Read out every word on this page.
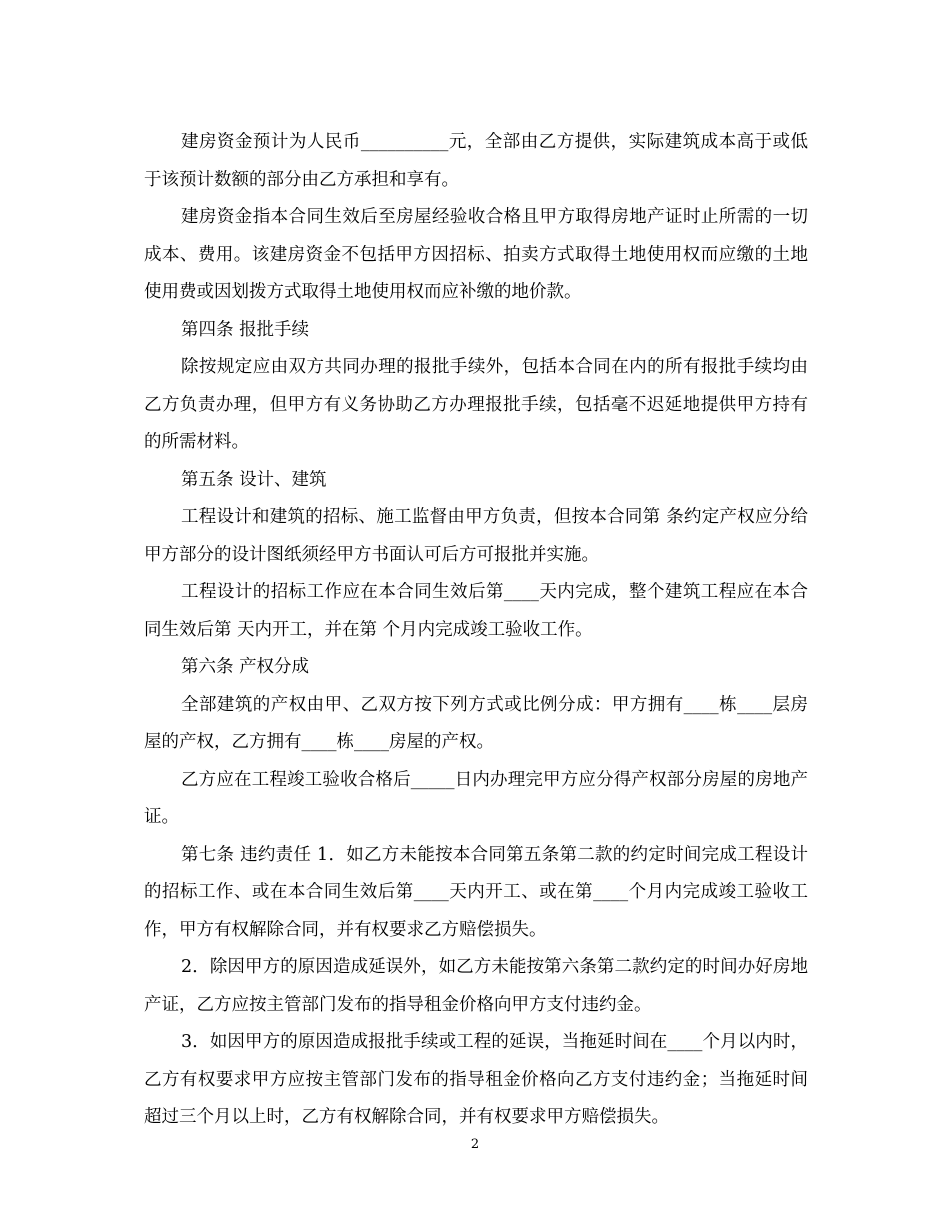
建房资金预计为人民币__________元，全部由乙方提供，实际建筑成本高于或低于该预计数额的部分由乙方承担和享有。

建房资金指本合同生效后至房屋经验收合格且甲方取得房地产证时止所需的一切成本、费用。该建房资金不包括甲方因招标、拍卖方式取得土地使用权而应缴的土地使用费或因划拨方式取得土地使用权而应补缴的地价款。

第四条 报批手续

除按规定应由双方共同办理的报批手续外，包括本合同在内的所有报批手续均由乙方负责办理，但甲方有义务协助乙方办理报批手续，包括毫不迟延地提供甲方持有的所需材料。

第五条 设计、建筑

工程设计和建筑的招标、施工监督由甲方负责，但按本合同第 条约定产权应分给甲方部分的设计图纸须经甲方书面认可后方可报批并实施。

工程设计的招标工作应在本合同生效后第____天内完成，整个建筑工程应在本合同生效后第 天内开工，并在第 个月内完成竣工验收工作。

第六条 产权分成

全部建筑的产权由甲、乙双方按下列方式或比例分成：甲方拥有____栋____层房屋的产权，乙方拥有____栋____房屋的产权。

乙方应在工程竣工验收合格后_____日内办理完甲方应分得产权部分房屋的房地产证。

第七条 违约责任 1．如乙方未能按本合同第五条第二款的约定时间完成工程设计的招标工作、或在本合同生效后第____天内开工、或在第____个月内完成竣工验收工作，甲方有权解除合同，并有权要求乙方赔偿损失。

2．除因甲方的原因造成延误外，如乙方未能按第六条第二款约定的时间办好房地产证，乙方应按主管部门发布的指导租金价格向甲方支付违约金。

3．如因甲方的原因造成报批手续或工程的延误，当拖延时间在____个月以内时，乙方有权要求甲方应按主管部门发布的指导租金价格向乙方支付违约金；当拖延时间超过三个月以上时，乙方有权解除合同，并有权要求甲方赔偿损失。

2
